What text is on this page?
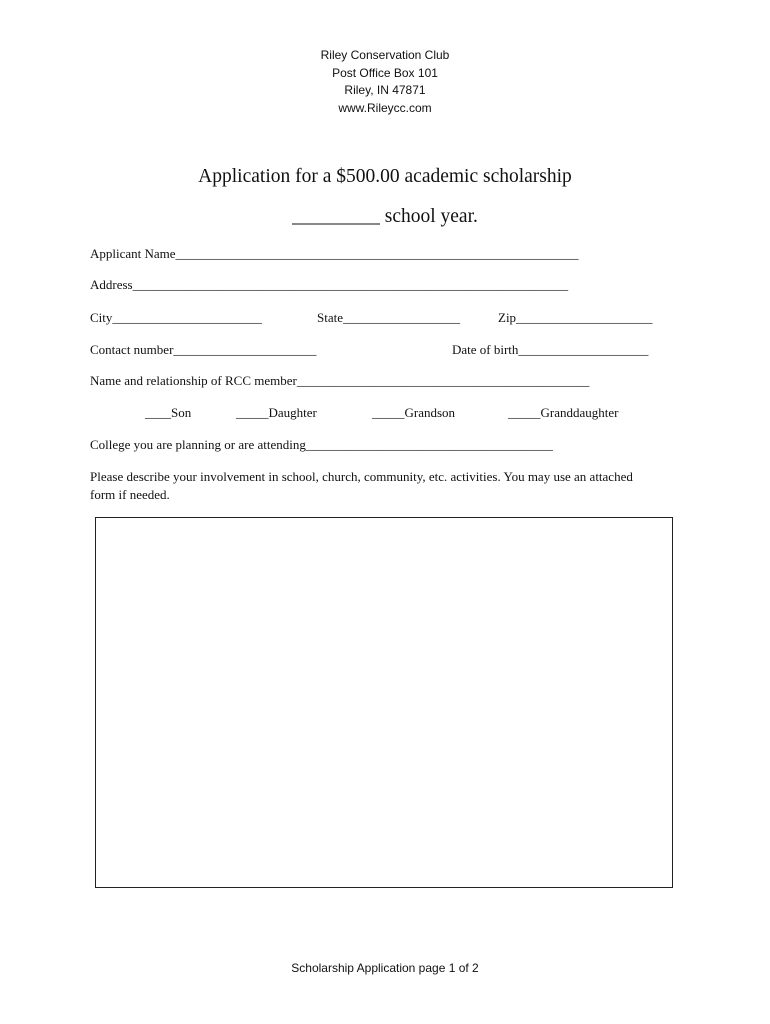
Riley Conservation Club
Post Office Box 101
Riley, IN 47871
www.Rileycc.com
Application for a $500.00 academic scholarship
_________ school year.
Applicant Name______________________________________________________________
Address___________________________________________________________________
City_______________________	State__________________	Zip_____________________
Contact number______________________	Date of birth____________________
Name and relationship of RCC member_____________________________________________
____Son	_____Daughter	_____Grandson	_____Granddaughter
College you are planning or are attending______________________________________
Please describe your involvement in school, church, community, etc. activities. You may use an attached
form if needed.
Scholarship Application page 1 of 2
